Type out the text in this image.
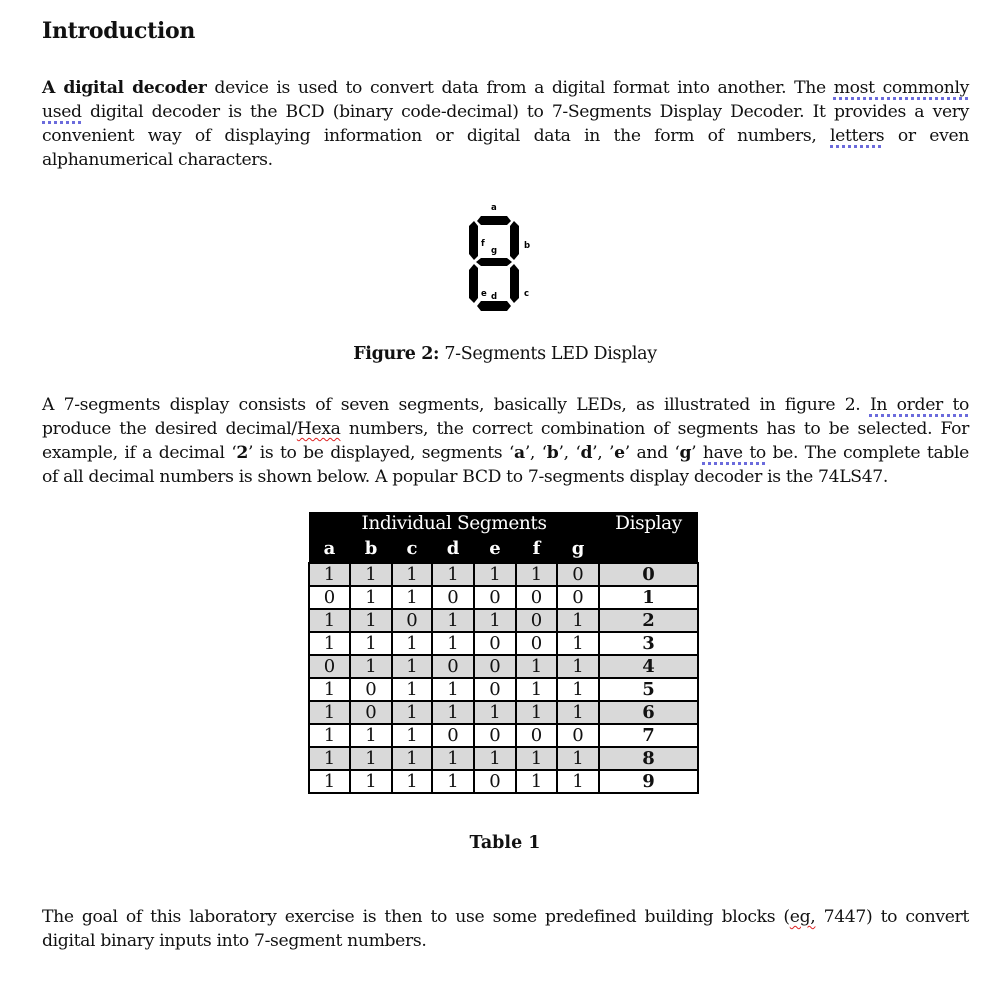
Introduction
A digital decoder device is used to convert data from a digital format into another. The most commonly
used digital decoder is the BCD (binary code-decimal) to 7-Segments Display Decoder. It provides a very
convenient way of displaying information or digital data in the form of numbers, letters or even
alphanumerical characters.
a
b
f
g
e	c
d
Figure 2: 7-Segments LED Display
A 7-segments display consists of seven segments, basically LEDs, as illustrated in figure 2. In order to
produce the desired decimal/Hexa numbers, the correct combination of segments has to be selected. For
example, if a decimal ‘2’ is to be displayed, segments ‘a’, ‘b’, ‘d’, ’e’ and ‘g’ have to be. The complete table
of all decimal numbers is shown below. A popular BCD to 7-segments display decoder is the 74LS47.
Individual Segments							Display
a	b	c	d	e	f	g	
1	1	1	1	1	1	0	0
0	1	1	0	0	0	0	1
1	1	0	1	1	0	1	2
1	1	1	1	0	0	1	3
0	1	1	0	0	1	1	4
1	0	1	1	0	1	1	5
1	0	1	1	1	1	1	6
1	1	1	0	0	0	0	7
1	1	1	1	1	1	1	8
1	1	1	1	0	1	1	9
Table 1
The goal of this laboratory exercise is then to use some predefined building blocks (eg, 7447) to convert
digital binary inputs into 7-segment numbers.
